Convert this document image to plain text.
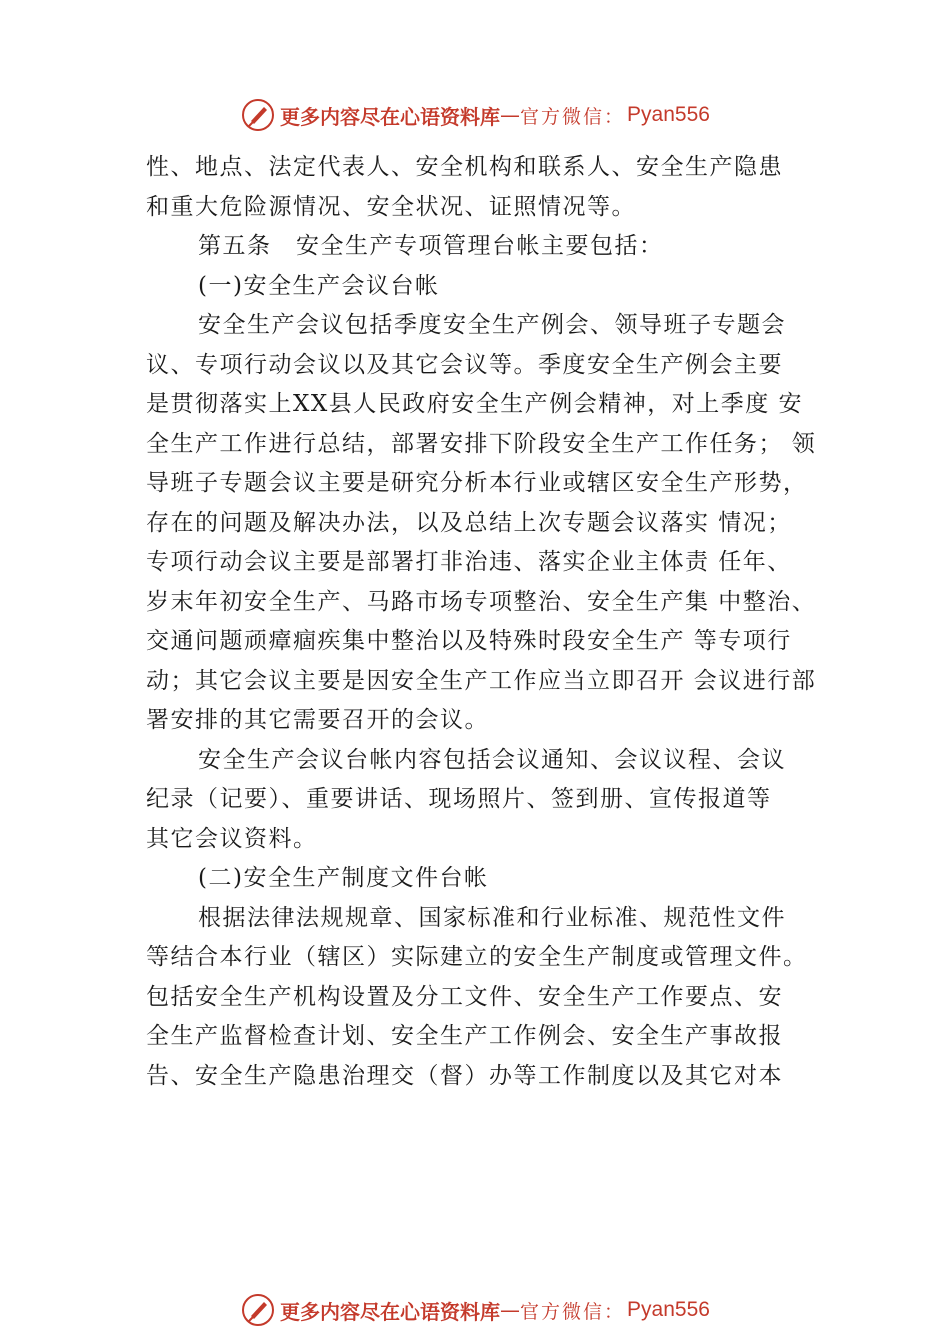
更多内容尽在心语资料库 — 官方微信： Pyan556
性、地点、法定代表人、安全机构和联系人、安全生产隐患
和重大危险源情况、安全状况、证照情况等。
第五条　安全生产专项管理台帐主要包括：
(一)安全生产会议台帐
安全生产会议包括季度安全生产例会、领导班子专题会
议、专项行动会议以及其它会议等。季度安全生产例会主要
是贯彻落实上XX县人民政府安全生产例会精神，对上季度 安
全生产工作进行总结，部署安排下阶段安全生产工作任务； 领
导班子专题会议主要是研究分析本行业或辖区安全生产形势，
存在的问题及解决办法，以及总结上次专题会议落实 情况；
专项行动会议主要是部署打非治违、落实企业主体责 任年、
岁末年初安全生产、马路市场专项整治、安全生产集 中整治、
交通问题顽瘴痼疾集中整治以及特殊时段安全生产 等专项行
动；其它会议主要是因安全生产工作应当立即召开 会议进行部
署安排的其它需要召开的会议。
安全生产会议台帐内容包括会议通知、会议议程、会议
纪录（记要）、重要讲话、现场照片、签到册、宣传报道等
其它会议资料。
(二)安全生产制度文件台帐
根据法律法规规章、国家标准和行业标准、规范性文件
等结合本行业（辖区）实际建立的安全生产制度或管理文件。
包括安全生产机构设置及分工文件、安全生产工作要点、安
全生产监督检查计划、安全生产工作例会、安全生产事故报
告、安全生产隐患治理交（督）办等工作制度以及其它对本
更多内容尽在心语资料库 — 官方微信： Pyan556
